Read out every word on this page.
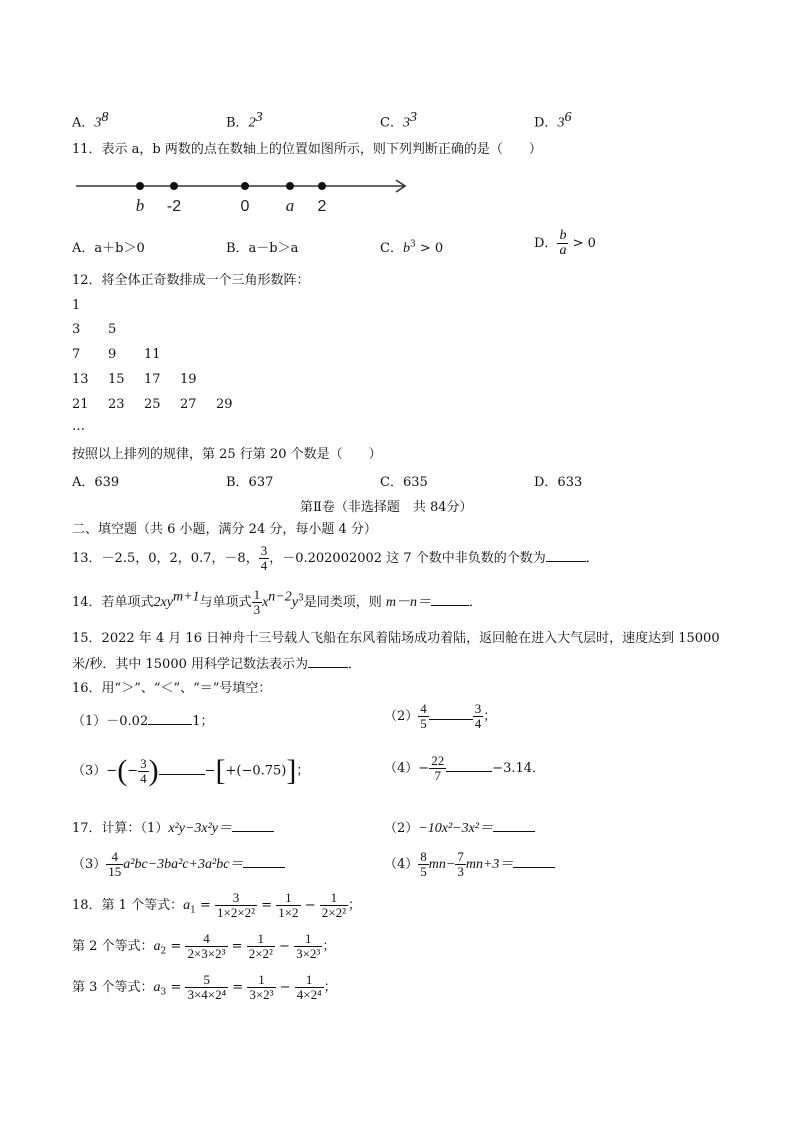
A．$3^8$	B．$2^3$	C．$3^3$	D．$3^6$
11．表示 a，b 两数的点在数轴上的位置如图所示，则下列判断正确的是（　　）
b -2	0 a 2
A．a＋b＞0	B．a－b＞a	C．$b^3 > 0$	D． $\frac{b}{a} > 0$
12．将全体正奇数排成一个三角形数阵：
1
3 5
7 9 11
13 15 17 19
21 23 25 27 29
…
按照以上排列的规律，第 25 行第 20 个数是（　　）
A．639	B．637	C．635	D．633
第Ⅱ卷（非选择题　共 84分）
二、填空题（共 6 小题，满分 24 分，每小题 4 分）
13．－2.5，0，2，0.7，－8， $\frac{3}{4}$ ，－0.202002002 这 7 个数中非负数的个数为	．
14．若单项式$2xy^{m+1}$与单项式 $\frac{1}{3} x^{n-2}y^3$是同类项，则 m－n＝	．
15．2022 年 4 月 16 日神舟十三号载人飞船在东风着陆场成功着陆，返回舱在进入大气层时，速度达到 15000
米/秒．其中 15000 用科学记数法表示为	．
16．用“＞”、“＜”、“＝”号填空：
（1）－0.02	1；	$(2) \frac{4}{5}$	$\frac{3}{4}$ ；
$(3)-(- \frac{3}{4}$ )	−[+(−0.75)]；	$(4)- \frac{22}{7}$	−3.14．
17．计算：（1）x²y−3x²y＝	（2）−10x²−3x²＝
$(3) \frac{4}{15} a^2bc-3ba^2c+3a^2bc=$	$(4) \frac{8}{5} mn- \frac{7}{3} mn+3=$
18．第 1 个等式：$a_1 = \frac{3}{\text{1×2×2²}} = \frac{1}{1\times 2} - \frac{1}{\text{2×2²}}$ ；
第 2 个等式：$a_2 = \frac{4}{\text{2×3×2³}} = \frac{1}{\text{2×2²}} - \frac{1}{\text{3×2³}}$ ；
第 3 个等式：$a_3 = \frac{5}{\text{3×4×2⁴}} = \frac{1}{\text{3×2³}} - \frac{1}{\text{4×2⁴}}$ ；
